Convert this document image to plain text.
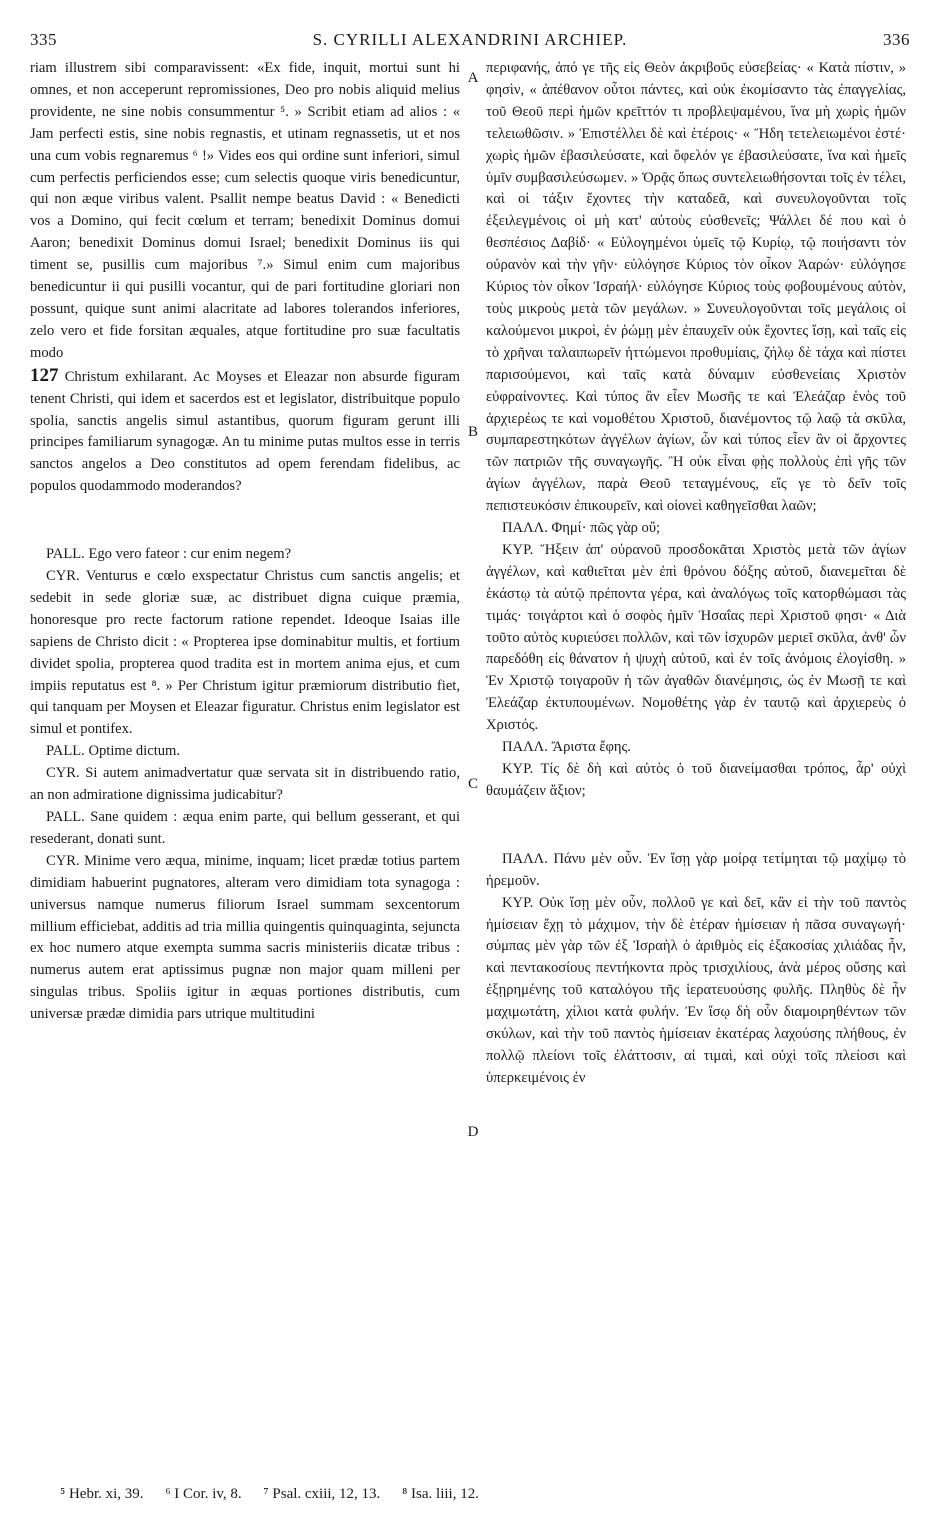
335	S. CYRILLI ALEXANDRINI ARCHIEP.	336

riam illustrem sibi comparavissent: «Ex fide, inquit, mortui sunt hi omnes, et non acceperunt repromissiones, Deo pro nobis aliquid melius providente, ne sine nobis consummentur ⁵. » Scribit etiam ad alios : « Jam perfecti estis, sine nobis regnastis, et utinam regnassetis, ut et nos una cum vobis regnaremus ⁶ !» Vides eos qui ordine sunt inferiori, simul cum perfectis perficiendos esse; cum selectis quoque viris benedicuntur, qui non æque viribus valent. Psallit nempe beatus David : « Benedicti vos a Domino, qui fecit cœlum et terram; benedixit Dominus domui Aaron; benedixit Dominus domui Israel; benedixit Dominus iis qui timent se, pusillis cum majoribus ⁷.» Simul enim cum majoribus benedicuntur ii qui pusilli vocantur, qui de pari fortitudine gloriari non possunt, quique sunt animi alacritate ad labores tolerandos inferiores, zelo vero et fide forsitan æquales, atque fortitudine pro suæ facultatis modo

127 Christum exhilarant. Ac Moyses et Eleazar non absurde figuram tenent Christi, qui idem et sacerdos est et legislator, distribuitque populo spolia, sanctis angelis simul astantibus, quorum figuram gerunt illi principes familiarum synagogæ. An tu minime putas multos esse in terris sanctos angelos a Deo constitutos ad opem ferendam fidelibus, ac populos quodammodo moderandos?

PALL. Ego vero fateor : cur enim negem?

CYR. Venturus e cœlo exspectatur Christus cum sanctis angelis; et sedebit in sede gloriæ suæ, ac distribuet digna cuique præmia, honoresque pro recte factorum ratione rependet. Ideoque Isaias ille sapiens de Christo dicit : « Propterea ipse dominabitur multis, et fortium dividet spolia, propterea quod tradita est in mortem anima ejus, et cum impiis reputatus est ⁸. » Per Christum igitur præmiorum distributio fiet, qui tanquam per Moysen et Eleazar figuratur. Christus enim legislator est simul et pontifex.

PALL. Optime dictum.

CYR. Si autem animadvertatur quæ servata sit in distribuendo ratio, an non admiratione dignissima judicabitur?

PALL. Sane quidem : æqua enim parte, qui bellum gesserant, et qui resederant, donati sunt.

CYR. Minime vero æqua, minime, inquam; licet prædæ totius partem dimidiam habuerint pugnatores, alteram vero dimidiam tota synagoga : universus namque numerus filiorum Israel summam sexcentorum millium efficiebat, additis ad tria millia quingentis quinquaginta, sejuncta ex hoc numero atque exempta summa sacris ministeriis dicatæ tribus : numerus autem erat aptissimus pugnæ non major quam milleni per singulas tribus. Spoliis igitur in æquas portiones distributis, cum universæ prædæ dimidia pars utrique multitudini

A
B
C
D

περιφανής, ἀπό γε τῆς εἰς Θεὸν ἀκριβοῦς εὐσεβείας· « Κατὰ πίστιν, » φησὶν, « ἀπέθανον οὗτοι πάντες, καὶ οὐκ ἐκομίσαντο τὰς ἐπαγγελίας, τοῦ Θεοῦ περὶ ἡμῶν κρεῖττόν τι προβλεψαμένου, ἵνα μὴ χωρὶς ἡμῶν τελειωθῶσιν. » Ἐπιστέλλει δὲ καὶ ἑτέροις· « Ἤδη τετελειωμένοι ἐστέ· χωρὶς ἡμῶν ἐβασιλεύσατε, καὶ ὄφελόν γε ἐβασιλεύσατε, ἵνα καὶ ἡμεῖς ὑμῖν συμβασιλεύσωμεν. » Ὁρᾷς ὅπως συντελειωθήσονται τοῖς ἐν τέλει, καὶ οἱ τάξιν ἔχοντες τὴν καταδεᾶ, καὶ συνευλογοῦνται τοῖς ἐξειλεγμένοις οἱ μὴ κατ' αὐτοὺς εὐσθενεῖς; Ψάλλει δέ που καὶ ὁ θεσπέσιος Δαβίδ· « Εὐλογημένοι ὑμεῖς τῷ Κυρίῳ, τῷ ποιήσαντι τὸν οὐρανὸν καὶ τὴν γῆν· εὐλόγησε Κύριος τὸν οἶκον Ἀαρών· εὐλόγησε Κύριος τὸν οἶκον Ἰσραήλ· εὐλόγησε Κύριος τοὺς φοβουμένους αὐτὸν, τοὺς μικροὺς μετὰ τῶν μεγάλων. » Συνευλογοῦνται τοῖς μεγάλοις οἱ καλούμενοι μικροὶ, ἐν ῥώμῃ μὲν ἐπαυχεῖν οὐκ ἔχοντες ἴσῃ, καὶ ταῖς εἰς τὸ χρῆναι ταλαιπωρεῖν ἡττώμενοι προθυμίαις, ζήλῳ δὲ τάχα καὶ πίστει παρισούμενοι, καὶ ταῖς κατὰ δύναμιν εὐσθενείαις Χριστὸν εὐφραίνοντες. Καὶ τύπος ἂν εἶεν Μωσῆς τε καὶ Ἐλεάζαρ ἑνὸς τοῦ ἀρχιερέως τε καὶ νομοθέτου Χριστοῦ, διανέμοντος τῷ λαῷ τὰ σκῦλα, συμπαρεστηκότων ἀγγέλων ἁγίων, ὧν καὶ τύπος εἶεν ἂν οἱ ἄρχοντες τῶν πατριῶν τῆς συναγωγῆς. Ἢ οὐκ εἶναι φῂς πολλοὺς ἐπὶ γῆς τῶν ἁγίων ἀγγέλων, παρὰ Θεοῦ τεταγμένους, εἴς γε τὸ δεῖν τοῖς πεπιστευκόσιν ἐπικουρεῖν, καὶ οἱονεὶ καθηγεῖσθαι λαῶν;

ΠΑΛΛ. Φημί· πῶς γὰρ οὔ;

ΚΥΡ. Ἥξειν ἀπ' οὐρανοῦ προσδοκᾶται Χριστὸς μετὰ τῶν ἁγίων ἀγγέλων, καὶ καθιεῖται μὲν ἐπὶ θρόνου δόξης αὐτοῦ, διανεμεῖται δὲ ἑκάστῳ τὰ αὐτῷ πρέποντα γέρα, καὶ ἀναλόγως τοῖς κατορθώμασι τὰς τιμάς· τοιγάρτοι καὶ ὁ σοφὸς ἡμῖν Ἡσαΐας περὶ Χριστοῦ φησι· « Διὰ τοῦτο αὐτὸς κυριεύσει πολλῶν, καὶ τῶν ἰσχυρῶν μεριεῖ σκῦλα, ἀνθ' ὧν παρεδόθη εἰς θάνατον ἡ ψυχὴ αὐτοῦ, καὶ ἐν τοῖς ἀνόμοις ἐλογίσθη. » Ἐν Χριστῷ τοιγαροῦν ἡ τῶν ἀγαθῶν διανέμησις, ὡς ἐν Μωσῇ τε καὶ Ἐλεάζαρ ἐκτυπουμένων. Νομοθέτης γὰρ ἐν ταυτῷ καὶ ἀρχιερεὺς ὁ Χριστός.

ΠΑΛΛ. Ἄριστα ἔφης.

ΚΥΡ. Τίς δὲ δὴ καὶ αὐτὸς ὁ τοῦ διανείμασθαι τρόπος, ἆρ' οὐχὶ θαυμάζειν ἄξιον;

ΠΑΛΛ. Πάνυ μὲν οὖν. Ἐν ἴσῃ γὰρ μοίρᾳ τετίμηται τῷ μαχίμῳ τὸ ἠρεμοῦν.

ΚΥΡ. Οὐκ ἴσῃ μὲν οὖν, πολλοῦ γε καὶ δεῖ, κἂν εἰ τὴν τοῦ παντὸς ἡμίσειαν ἔχῃ τὸ μάχιμον, τὴν δὲ ἑτέραν ἡμίσειαν ἡ πᾶσα συναγωγή· σύμπας μὲν γὰρ τῶν ἐξ Ἰσραὴλ ὁ ἀριθμὸς εἰς ἑξακοσίας χιλιάδας ἦν, καὶ πεντακοσίους πεντήκοντα πρὸς τρισχιλίους, ἀνὰ μέρος οὔσης καὶ ἐξῃρημένης τοῦ καταλόγου τῆς ἱερατευούσης φυλῆς. Πληθὺς δὲ ἦν μαχιμωτάτη, χίλιοι κατὰ φυλήν. Ἐν ἴσῳ δὴ οὖν διαμοιρηθέντων τῶν σκύλων, καὶ τὴν τοῦ παντὸς ἡμίσειαν ἑκατέρας λαχούσης πλήθους, ἐν πολλῷ πλείονι τοῖς ἐλάττοσιν, αἱ τιμαὶ, καὶ οὐχὶ τοῖς πλείοσι καὶ ὑπερκειμένοις ἐν

⁵ Hebr. xi, 39. ⁶ I Cor. iv, 8. ⁷ Psal. cxiii, 12, 13. ⁸ Isa. liii, 12.
